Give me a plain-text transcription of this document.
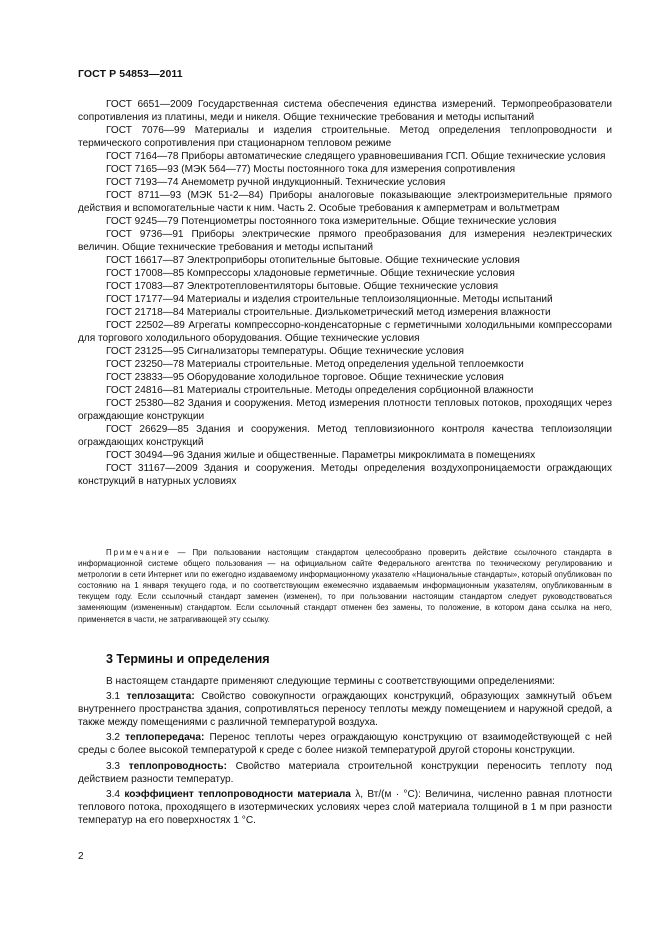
ГОСТ Р 54853—2011

ГОСТ 6651—2009 Государственная система обеспечения единства измерений. Термопреобразователи сопротивления из платины, меди и никеля. Общие технические требования и методы испытаний

ГОСТ 7076—99 Материалы и изделия строительные. Метод определения теплопроводности и термического сопротивления при стационарном тепловом режиме

ГОСТ 7164—78 Приборы автоматические следящего уравновешивания ГСП. Общие технические условия

ГОСТ 7165—93 (МЭК 564—77) Мосты постоянного тока для измерения сопротивления

ГОСТ 7193—74 Анемометр ручной индукционный. Технические условия

ГОСТ 8711—93 (МЭК 51-2—84) Приборы аналоговые показывающие электроизмерительные прямого действия и вспомогательные части к ним. Часть 2. Особые требования к амперметрам и вольтметрам

ГОСТ 9245—79 Потенциометры постоянного тока измерительные. Общие технические условия

ГОСТ 9736—91 Приборы электрические прямого преобразования для измерения неэлектрических величин. Общие технические требования и методы испытаний

ГОСТ 16617—87 Электроприборы отопительные бытовые. Общие технические условия

ГОСТ 17008—85 Компрессоры хладоновые герметичные. Общие технические условия

ГОСТ 17083—87 Электротепловентиляторы бытовые. Общие технические условия

ГОСТ 17177—94 Материалы и изделия строительные теплоизоляционные. Методы испытаний

ГОСТ 21718—84 Материалы строительные. Диэлькометрический метод измерения влажности

ГОСТ 22502—89 Агрегаты компрессорно-конденсаторные с герметичными холодильными компрессорами для торгового холодильного оборудования. Общие технические условия

ГОСТ 23125—95 Сигнализаторы температуры. Общие технические условия

ГОСТ 23250—78 Материалы строительные. Метод определения удельной теплоемкости

ГОСТ 23833—95 Оборудование холодильное торговое. Общие технические условия

ГОСТ 24816—81 Материалы строительные. Методы определения сорбционной влажности

ГОСТ 25380—82 Здания и сооружения. Метод измерения плотности тепловых потоков, проходящих через ограждающие конструкции

ГОСТ 26629—85 Здания и сооружения. Метод тепловизионного контроля качества теплоизоляции ограждающих конструкций

ГОСТ 30494—96 Здания жилые и общественные. Параметры микроклимата в помещениях

ГОСТ 31167—2009 Здания и сооружения. Методы определения воздухопроницаемости ограждающих конструкций в натурных условиях

Примечание — При пользовании настоящим стандартом целесообразно проверить действие ссылочного стандарта в информационной системе общего пользования — на официальном сайте Федерального агентства по техническому регулированию и метрологии в сети Интернет или по ежегодно издаваемому информационному указателю «Национальные стандарты», который опубликован по состоянию на 1 января текущего года, и по соответствующим ежемесячно издаваемым информационным указателям, опубликованным в текущем году. Если ссылочный стандарт заменен (изменен), то при пользовании настоящим стандартом следует руководствоваться заменяющим (измененным) стандартом. Если ссылочный стандарт отменен без замены, то положение, в котором дана ссылка на него, применяется в части, не затрагивающей эту ссылку.

3 Термины и определения

В настоящем стандарте применяют следующие термины с соответствующими определениями:

3.1 теплозащита: Свойство совокупности ограждающих конструкций, образующих замкнутый объем внутреннего пространства здания, сопротивляться переносу теплоты между помещением и наружной средой, а также между помещениями с различной температурой воздуха.

3.2 теплопередача: Перенос теплоты через ограждающую конструкцию от взаимодействующей с ней среды с более высокой температурой к среде с более низкой температурой другой стороны конструкции.

3.3 теплопроводность: Свойство материала строительной конструкции переносить теплоту под действием разности температур.

3.4 коэффициент теплопроводности материала λ, Вт/(м · °С): Величина, численно равная плотности теплового потока, проходящего в изотермических условиях через слой материала толщиной в 1 м при разности температур на его поверхностях 1 °С.

2
